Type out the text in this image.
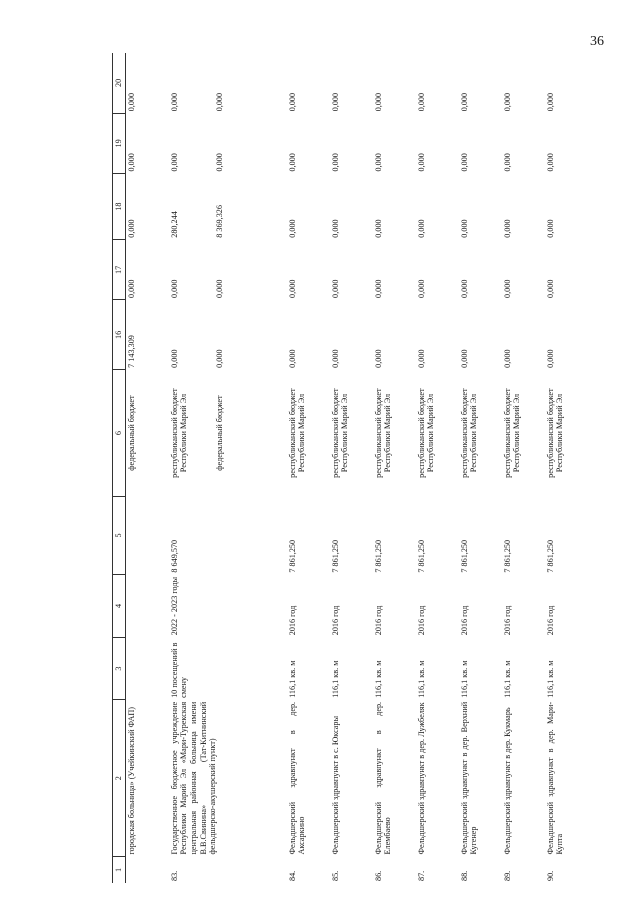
36
1	2	3	4	5	6	16	17	18	19	20
	городская больница» (Учейкинский ФАП)				федеральный бюджет	7 143,309	0,000	0,000	0,000	0,000
83.	Государственное бюджетное учреждение Республики Марий Эл «Мари-Турекская центральная районная больница имени В.В.Свинина» (Тат-Китнинский фельдшерско-акушерский пункт)	10 посещений в смену	2022 - 2023 годы	8 649,570	республиканский бюджет Республики Марий Эл	0,000	0,000	280,244	0,000	0,000
					федеральный бюджет	0,000	0,000	8 369,326	0,000	0,000
84.	Фельдшерский здравпункт в дер. Аксаркино	116,1 кв. м	2016 год	7 861,250	республиканский бюджет Республики Марий Эл	0,000	0,000	0,000	0,000	0,000
85.	Фельдшерский здравпункт в с. Юксары	116,1 кв. м	2016 год	7 861,250	республиканский бюджет Республики Марий Эл	0,000	0,000	0,000	0,000	0,000
86.	Фельдшерский здравпункт в дер. Елембаево	116,1 кв. м	2016 год	7 861,250	республиканский бюджет Республики Марий Эл	0,000	0,000	0,000	0,000	0,000
87.	Фельдшерский здравпункт в дер. Лужбеляк	116,1 кв. м	2016 год	7 861,250	республиканский бюджет Республики Марий Эл	0,000	0,000	0,000	0,000	0,000
88.	Фельдшерский здравпункт в дер. Верхний Кугенер	116,1 кв. м	2016 год	7 861,250	республиканский бюджет Республики Марий Эл	0,000	0,000	0,000	0,000	0,000
89.	Фельдшерский здравпункт в дер. Кукмарь	116,1 кв. м	2016 год	7 861,250	республиканский бюджет Республики Марий Эл	0,000	0,000	0,000	0,000	0,000
90.	Фельдшерский здравпункт в дер. Мари-Купта	116,1 кв. м	2016 год	7 861,250	республиканский бюджет Республики Марий Эл	0,000	0,000	0,000	0,000	0,000
